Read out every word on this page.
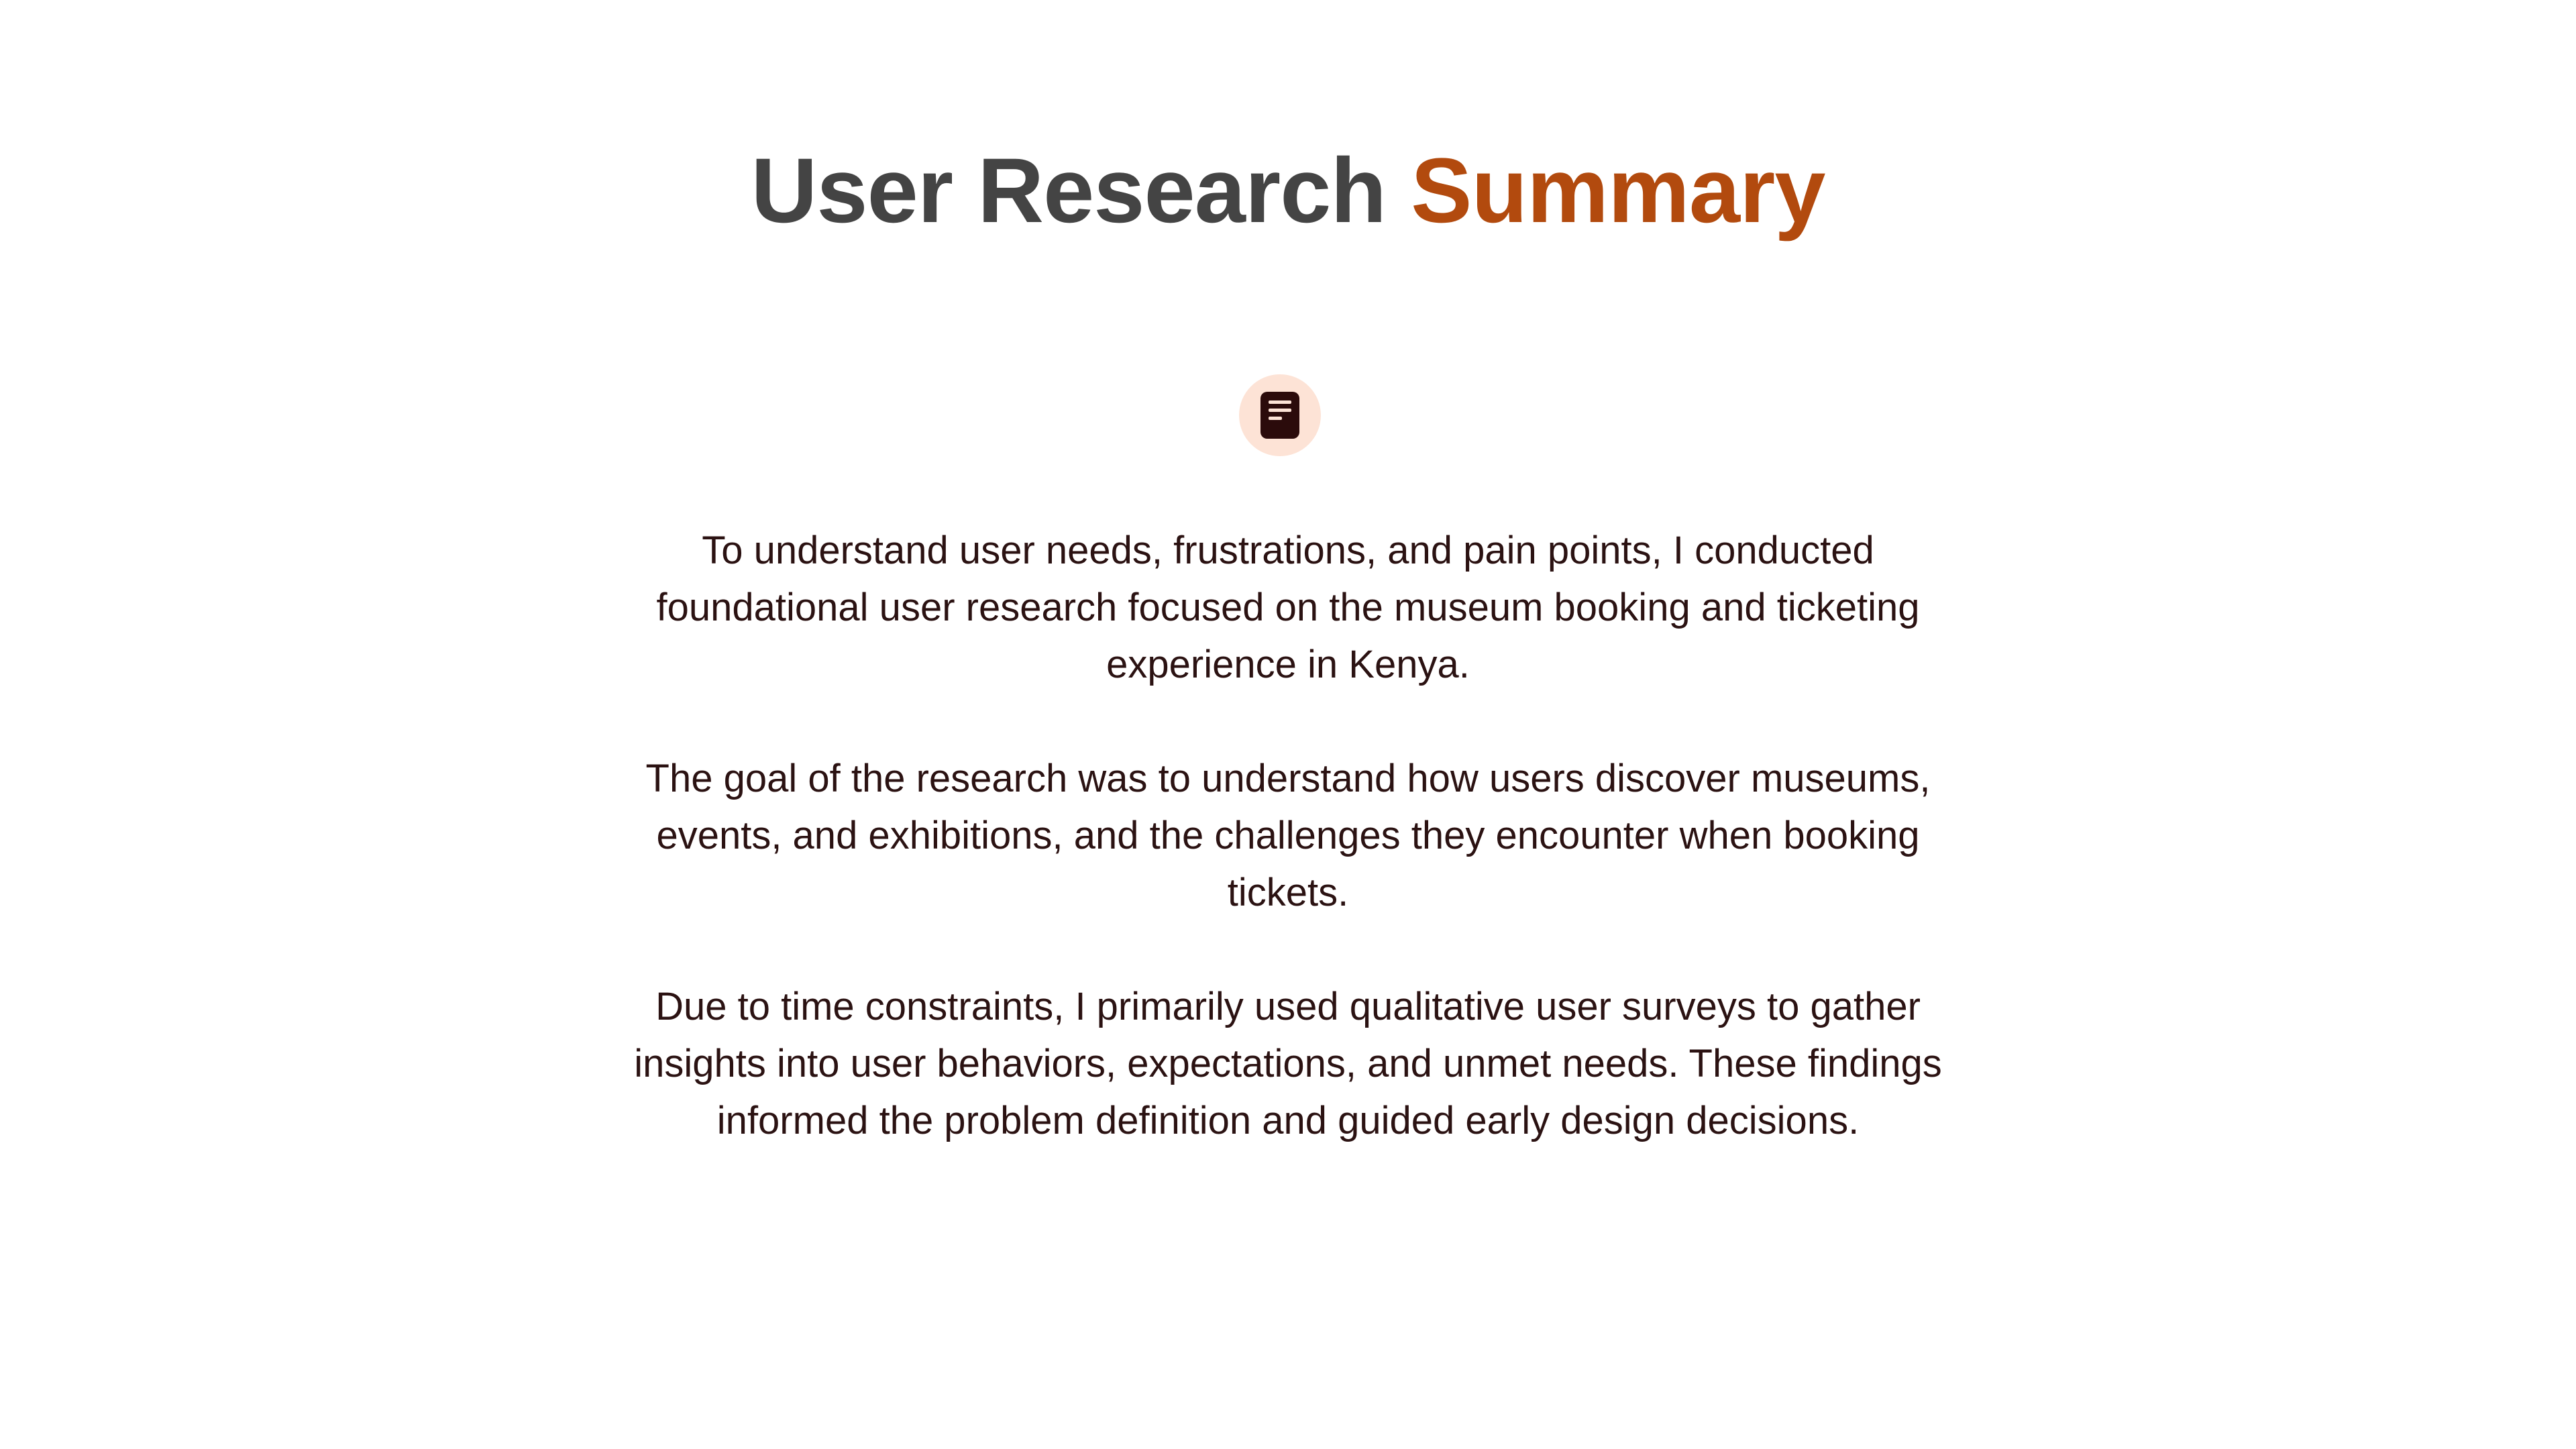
User Research Summary

To understand user needs, frustrations, and pain points, I conducted foundational user research focused on the museum booking and ticketing experience in Kenya.

The goal of the research was to understand how users discover museums, events, and exhibitions, and the challenges they encounter when booking tickets.

Due to time constraints, I primarily used qualitative user surveys to gather insights into user behaviors, expectations, and unmet needs. These findings informed the problem definition and guided early design decisions.
